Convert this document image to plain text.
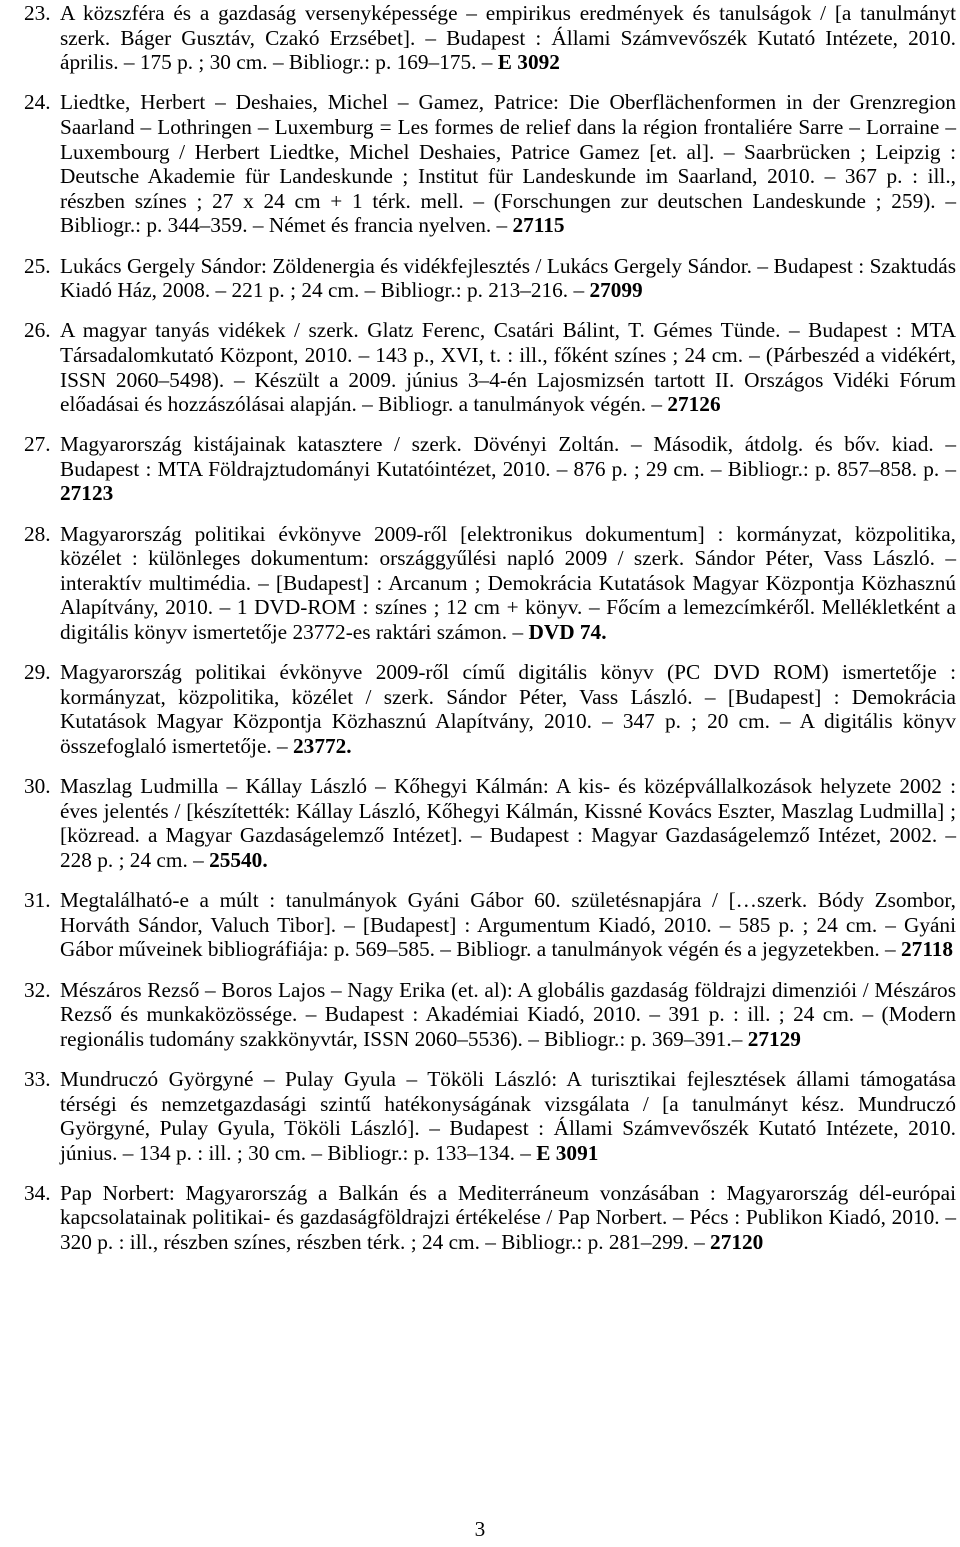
23. A közszféra és a gazdaság versenyképessége – empirikus eredmények és tanulságok / [a tanulmányt szerk. Báger Gusztáv, Czakó Erzsébet]. – Budapest : Állami Számvevőszék Kutató Intézete, 2010. április. – 175 p. ; 30 cm. – Bibliogr.: p. 169–175. – E 3092
24. Liedtke, Herbert – Deshaies, Michel – Gamez, Patrice: Die Oberflächenformen in der Grenzregion Saarland – Lothringen – Luxemburg = Les formes de relief dans la région frontaliére Sarre – Lorraine – Luxembourg / Herbert Liedtke, Michel Deshaies, Patrice Gamez [et. al]. – Saarbrücken ; Leipzig : Deutsche Akademie für Landeskunde ; Institut für Landeskunde im Saarland, 2010. – 367 p. : ill., részben színes ; 27 x 24 cm + 1 térk. mell. – (Forschungen zur deutschen Landeskunde ; 259). – Bibliogr.: p. 344–359. – Német és francia nyelven. – 27115
25. Lukács Gergely Sándor: Zöldenergia és vidékfejlesztés / Lukács Gergely Sándor. – Budapest : Szaktudás Kiadó Ház, 2008. – 221 p. ; 24 cm. – Bibliogr.: p. 213–216. – 27099
26. A magyar tanyás vidékek / szerk. Glatz Ferenc, Csatári Bálint, T. Gémes Tünde. – Budapest : MTA Társadalomkutató Központ, 2010. – 143 p., XVI, t. : ill., főként színes ; 24 cm. – (Párbeszéd a vidékért, ISSN 2060–5498). – Készült a 2009. június 3–4-én Lajosmizsén tartott II. Országos Vidéki Fórum előadásai és hozzászólásai alapján. – Bibliogr. a tanulmányok végén. – 27126
27. Magyarország kistájainak katasztere / szerk. Dövényi Zoltán. – Második, átdolg. és bőv. kiad. – Budapest : MTA Földrajztudományi Kutatóintézet, 2010. – 876 p. ; 29 cm. – Bibliogr.: p. 857–858. p. – 27123
28. Magyarország politikai évkönyve 2009-ről [elektronikus dokumentum] : kormányzat, közpolitika, közélet : különleges dokumentum: országgyűlési napló 2009 / szerk. Sándor Péter, Vass László. – interaktív multimédia. – [Budapest] : Arcanum ; Demokrácia Kutatások Magyar Központja Közhasznú Alapítvány, 2010. – 1 DVD-ROM : színes ; 12 cm + könyv. – Főcím a lemezcímkéről. Mellékletként a digitális könyv ismertetője 23772-es raktári számon. – DVD 74.
29. Magyarország politikai évkönyve 2009-ről című digitális könyv (PC DVD ROM) ismertetője : kormányzat, közpolitika, közélet / szerk. Sándor Péter, Vass László. – [Budapest] : Demokrácia Kutatások Magyar Központja Közhasznú Alapítvány, 2010. – 347 p. ; 20 cm. – A digitális könyv összefoglaló ismertetője. – 23772.
30. Maszlag Ludmilla – Kállay László – Kőhegyi Kálmán: A kis- és középvállalkozások helyzete 2002 : éves jelentés / [készítették: Kállay László, Kőhegyi Kálmán, Kissné Kovács Eszter, Maszlag Ludmilla] ; [közread. a Magyar Gazdaságelemző Intézet]. – Budapest : Magyar Gazdaságelemző Intézet, 2002. – 228 p. ; 24 cm. – 25540.
31. Megtalálható-e a múlt : tanulmányok Gyáni Gábor 60. születésnapjára / […szerk. Bódy Zsombor, Horváth Sándor, Valuch Tibor]. – [Budapest] : Argumentum Kiadó, 2010. – 585 p. ; 24 cm. – Gyáni Gábor műveinek bibliográfiája: p. 569–585. – Bibliogr. a tanulmányok végén és a jegyzetekben. – 27118
32. Mészáros Rezső – Boros Lajos – Nagy Erika (et. al): A globális gazdaság földrajzi dimenziói / Mészáros Rezső és munkaközössége. – Budapest : Akadémiai Kiadó, 2010. – 391 p. : ill. ; 24 cm. – (Modern regionális tudomány szakkönyvtár, ISSN 2060–5536). – Bibliogr.: p. 369–391.– 27129
33. Mundruczó Györgyné – Pulay Gyula – Tököli László: A turisztikai fejlesztések állami támogatása térségi és nemzetgazdasági szintű hatékonyságának vizsgálata / [a tanulmányt kész. Mundruczó Györgyné, Pulay Gyula, Tököli László]. – Budapest : Állami Számvevőszék Kutató Intézete, 2010. június. – 134 p. : ill. ; 30 cm. – Bibliogr.: p. 133–134. – E 3091
34. Pap Norbert: Magyarország a Balkán és a Mediterráneum vonzásában : Magyarország dél-európai kapcsolatainak politikai- és gazdaságföldrajzi értékelése / Pap Norbert. – Pécs : Publikon Kiadó, 2010. – 320 p. : ill., részben színes, részben térk. ; 24 cm. – Bibliogr.: p. 281–299. – 27120
3
